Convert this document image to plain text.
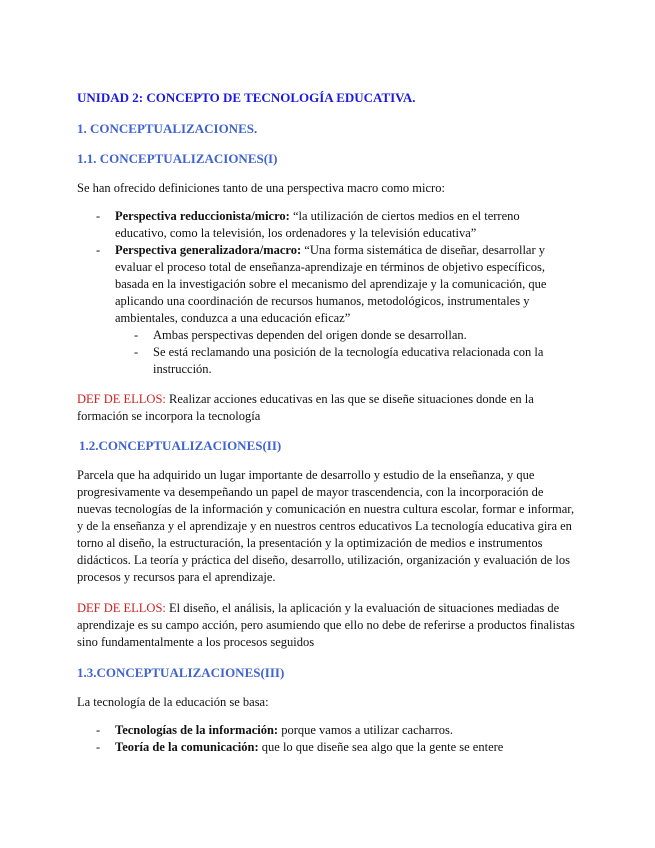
UNIDAD 2: CONCEPTO DE TECNOLOGÍA EDUCATIVA.

1. CONCEPTUALIZACIONES.

1.1. CONCEPTUALIZACIONES(I)

Se han ofrecido definiciones tanto de una perspectiva macro como micro:

- Perspectiva reduccionista/micro: “la utilización de ciertos medios en el terreno educativo, como la televisión, los ordenadores y la televisión educativa”
- Perspectiva generalizadora/macro: “Una forma sistemática de diseñar, desarrollar y evaluar el proceso total de enseñanza-aprendizaje en términos de objetivo específicos, basada en la investigación sobre el mecanismo del aprendizaje y la comunicación, que aplicando una coordinación de recursos humanos, metodológicos, instrumentales y ambientales, conduzca a una educación eficaz”
- Ambas perspectivas dependen del origen donde se desarrollan.
- Se está reclamando una posición de la tecnología educativa relacionada con la instrucción.

DEF DE ELLOS: Realizar acciones educativas en las que se diseñe situaciones donde en la formación se incorpora la tecnología

1.2.CONCEPTUALIZACIONES(II)

Parcela que ha adquirido un lugar importante de desarrollo y estudio de la enseñanza, y que progresivamente va desempeñando un papel de mayor trascendencia, con la incorporación de nuevas tecnologías de la información y comunicación en nuestra cultura escolar, formar e informar, y de la enseñanza y el aprendizaje y en nuestros centros educativos La tecnología educativa gira en torno al diseño, la estructuración, la presentación y la optimización de medios e instrumentos didácticos. La teoría y práctica del diseño, desarrollo, utilización, organización y evaluación de los procesos y recursos para el aprendizaje.

DEF DE ELLOS: El diseño, el análisis, la aplicación y la evaluación de situaciones mediadas de aprendizaje es su campo acción, pero asumiendo que ello no debe de referirse a productos finalistas sino fundamentalmente a los procesos seguidos

1.3.CONCEPTUALIZACIONES(III)

La tecnología de la educación se basa:

- Tecnologías de la información: porque vamos a utilizar cacharros.
- Teoría de la comunicación: que lo que diseñe sea algo que la gente se entere
